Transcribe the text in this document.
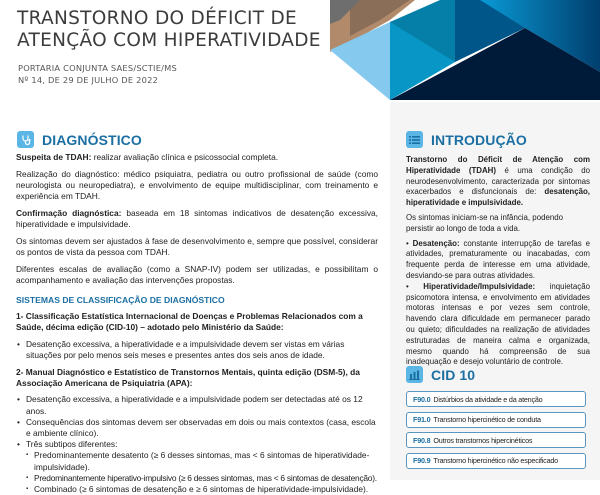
TRANSTORNO DO DÉFICIT DE
ATENÇÃO COM HIPERATIVIDADE
PORTARIA CONJUNTA SAES/SCTIE/MS
Nº 14, DE 29 DE JULHO DE 2022
DIAGNÓSTICO

Suspeita de TDAH: realizar avaliação clínica e psicossocial completa.

Realização do diagnóstico: médico psiquiatra, pediatra ou outro profissional de saúde (como neurologista ou neuropediatra), e envolvimento de equipe multidisciplinar, com treinamento e experiência em TDAH.

Confirmação diagnóstica: baseada em 18 sintomas indicativos de desatenção excessiva, hiperatividade e impulsividade.

Os sintomas devem ser ajustados à fase de desenvolvimento e, sempre que possível, considerar os pontos de vista da pessoa com TDAH.

Diferentes escalas de avaliação (como a SNAP-IV) podem ser utilizadas, e possibilitam o acompanhamento e avaliação das intervenções propostas.

SISTEMAS DE CLASSIFICAÇÃO DE DIAGNÓSTICO
1- Classificação Estatística Internacional de Doenças e Problemas Relacionados com a Saúde, décima edição (CID-10) – adotado pelo Ministério da Saúde:
• Desatenção excessiva, a hiperatividade e a impulsividade devem ser vistas em várias situações por pelo menos seis meses e presentes antes dos seis anos de idade.
2- Manual Diagnóstico e Estatístico de Transtornos Mentais, quinta edição (DSM-5), da Associação Americana de Psiquiatria (APA):
• Desatenção excessiva, a hiperatividade e a impulsividade podem ser detectadas até os 12 anos.
• Consequências dos sintomas devem ser observadas em dois ou mais contextos (casa, escola e ambiente clínico).
• Três subtipos diferentes:
▪ Predominantemente desatento (≥ 6 desses sintomas, mas < 6 sintomas de hiperatividade-impulsividade).
▪ Predominantemente hiperativo-impulsivo (≥ 6 desses sintomas, mas < 6 sintomas de desatenção).
▪ Combinado (≥ 6 sintomas de desatenção e ≥ 6 sintomas de hiperatividade-impulsividade).
INTRODUÇÃO

Transtorno do Déficit de Atenção com Hiperatividade (TDAH) é uma condição do neurodesenvolvimento, caracterizada por sintomas exacerbados e disfuncionais de: desatenção, hiperatividade e impulsividade.

Os sintomas iniciam-se na infância, podendo persistir ao longo de toda a vida.

• Desatenção: constante interrupção de tarefas e atividades, prematuramente ou inacabadas, com frequente perda de interesse em uma atividade, desviando-se para outras atividades.

• Hiperatividade/Impulsividade: inquietação psicomotora intensa, e envolvimento em atividades motoras intensas e por vezes sem controle, havendo clara dificuldade em permanecer parado ou quieto; dificuldades na realização de atividades estruturadas de maneira calma e organizada, mesmo quando há compreensão de sua inadequação e desejo voluntário de controle.

CID 10
F90.0 Distúrbios da atividade e da atenção
F91.0 Transtorno hipercinético de conduta
F90.8 Outros transtornos hipercinéticos
F90.9 Transtorno hipercinético não especificado
